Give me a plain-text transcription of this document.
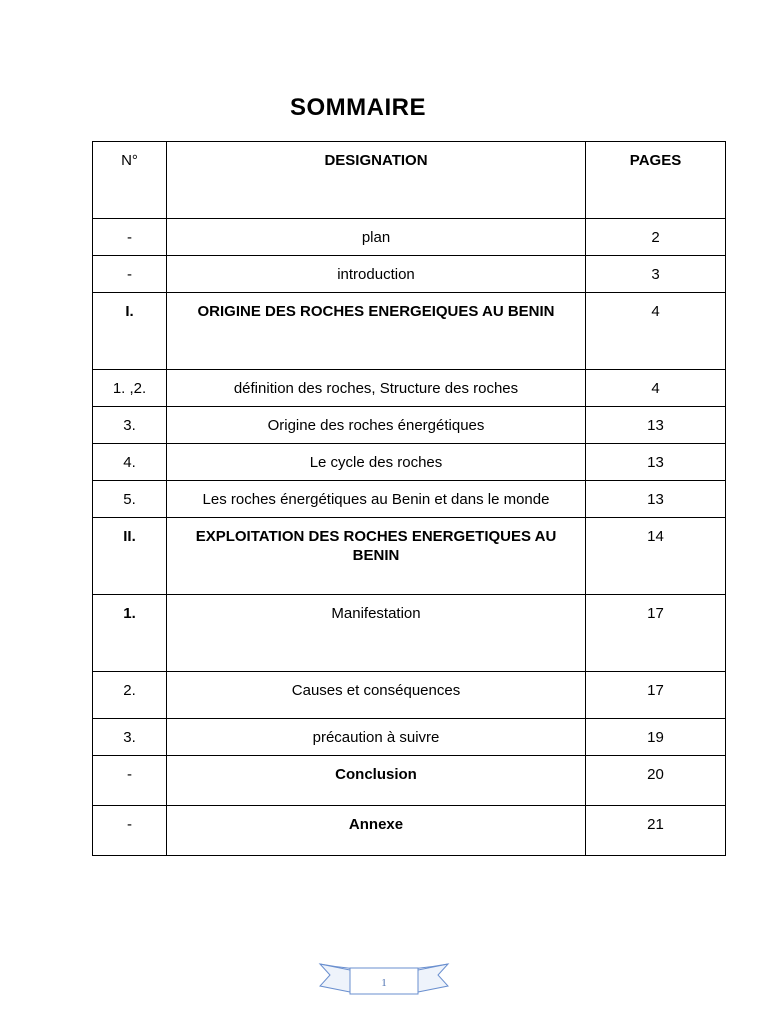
SOMMAIRE
N°	DESIGNATION	PAGES
-	plan	2
-	introduction	3
I.	ORIGINE DES ROCHES ENERGEIQUES AU BENIN	4
1. ,2.	définition des roches, Structure des roches	4
3.	Origine des roches énergétiques	13
4.	Le cycle des roches	13
5.	Les roches énergétiques au Benin et dans le monde	13
II.	EXPLOITATION DES ROCHES ENERGETIQUES AU BENIN	14
1.	Manifestation	17
2.	Causes et conséquences	17
3.	précaution à suivre	19
-	Conclusion	20
-	Annexe	21
1
